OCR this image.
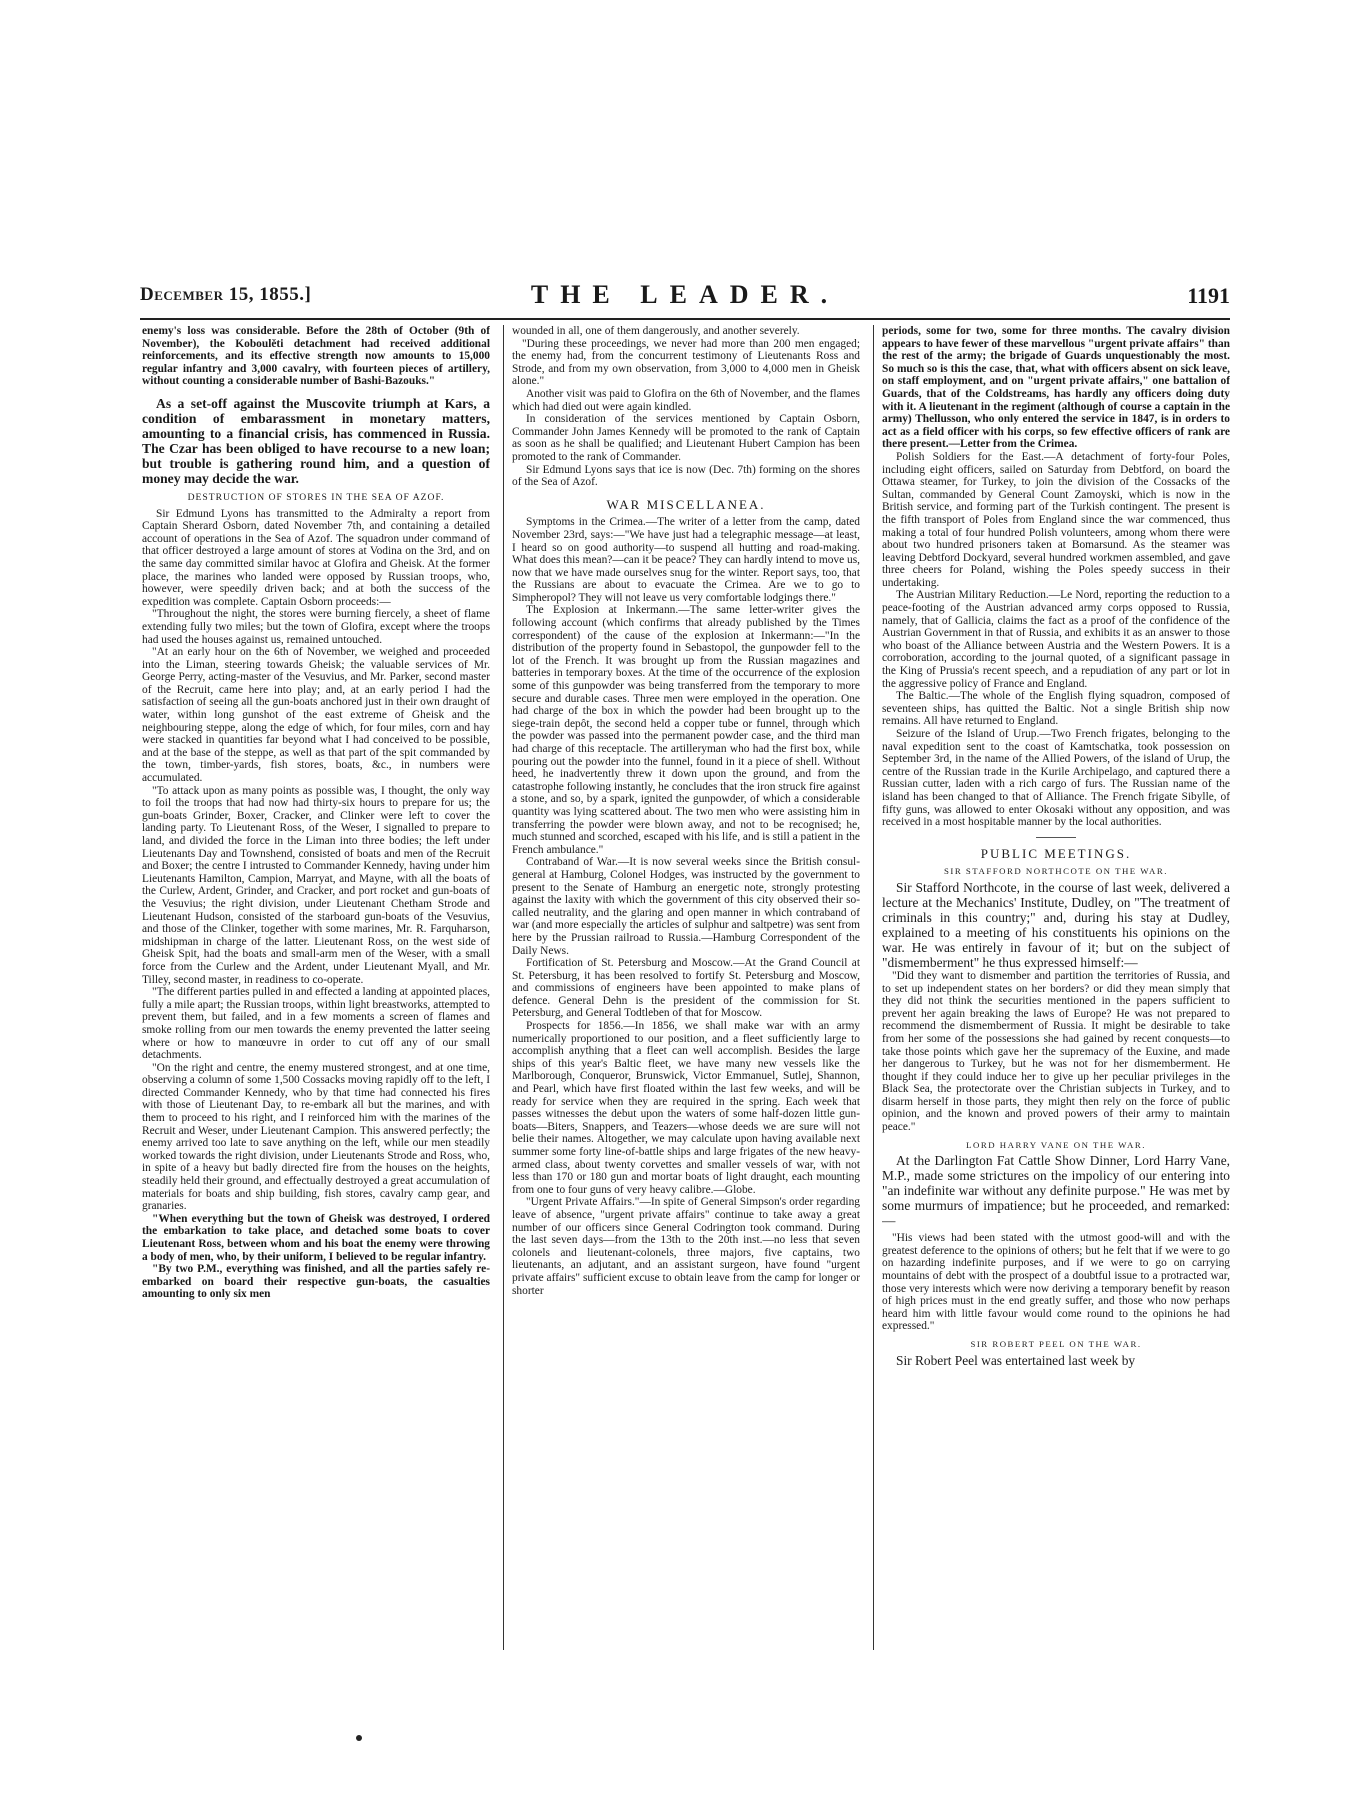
December 15, 1855.]	THE LEADER.	1191

enemy's loss was considerable. Before the 28th of October (9th of November), the Koboulěti detachment had received additional reinforcements, and its effective strength now amounts to 15,000 regular infantry and 3,000 cavalry, with fourteen pieces of artillery, without counting a considerable number of Bashi-Bazouks."

As a set-off against the Muscovite triumph at Kars, a condition of embarassment in monetary matters, amounting to a financial crisis, has commenced in Russia. The Czar has been obliged to have recourse to a new loan; but trouble is gathering round him, and a question of money may decide the war.

DESTRUCTION OF STORES IN THE SEA OF AZOF.

Sir Edmund Lyons has transmitted to the Admiralty a report from Captain Sherard Osborn, dated November 7th, and containing a detailed account of operations in the Sea of Azof. The squadron under command of that officer destroyed a large amount of stores at Vodina on the 3rd, and on the same day committed similar havoc at Glofira and Gheisk. At the former place, the marines who landed were opposed by Russian troops, who, however, were speedily driven back; and at both the success of the expedition was complete. Captain Osborn proceeds:—

"Throughout the night, the stores were burning fiercely, a sheet of flame extending fully two miles; but the town of Glofira, except where the troops had used the houses against us, remained untouched.

"At an early hour on the 6th of November, we weighed and proceeded into the Liman, steering towards Gheisk; the valuable services of Mr. George Perry, acting-master of the Vesuvius, and Mr. Parker, second master of the Recruit, came here into play; and, at an early period I had the satisfaction of seeing all the gun-boats anchored just in their own draught of water, within long gunshot of the east extreme of Gheisk and the neighbouring steppe, along the edge of which, for four miles, corn and hay were stacked in quantities far beyond what I had conceived to be possible, and at the base of the steppe, as well as that part of the spit commanded by the town, timber-yards, fish stores, boats, &c., in numbers were accumulated.

"To attack upon as many points as possible was, I thought, the only way to foil the troops that had now had thirty-six hours to prepare for us; the gun-boats Grinder, Boxer, Cracker, and Clinker were left to cover the landing party. To Lieutenant Ross, of the Weser, I signalled to prepare to land, and divided the force in the Liman into three bodies; the left under Lieutenants Day and Townshend, consisted of boats and men of the Recruit and Boxer; the centre I intrusted to Commander Kennedy, having under him Lieutenants Hamilton, Campion, Marryat, and Mayne, with all the boats of the Curlew, Ardent, Grinder, and Cracker, and port rocket and gun-boats of the Vesuvius; the right division, under Lieutenant Chetham Strode and Lieutenant Hudson, consisted of the starboard gun-boats of the Vesuvius, and those of the Clinker, together with some marines, Mr. R. Farquharson, midshipman in charge of the latter. Lieutenant Ross, on the west side of Gheisk Spit, had the boats and small-arm men of the Weser, with a small force from the Curlew and the Ardent, under Lieutenant Myall, and Mr. Tilley, second master, in readiness to co-operate.

"The different parties pulled in and effected a landing at appointed places, fully a mile apart; the Russian troops, within light breastworks, attempted to prevent them, but failed, and in a few moments a screen of flames and smoke rolling from our men towards the enemy prevented the latter seeing where or how to manœuvre in order to cut off any of our small detachments.

"On the right and centre, the enemy mustered strongest, and at one time, observing a column of some 1,500 Cossacks moving rapidly off to the left, I directed Commander Kennedy, who by that time had connected his fires with those of Lieutenant Day, to re-embark all but the marines, and with them to proceed to his right, and I reinforced him with the marines of the Recruit and Weser, under Lieutenant Campion. This answered perfectly; the enemy arrived too late to save anything on the left, while our men steadily worked towards the right division, under Lieutenants Strode and Ross, who, in spite of a heavy but badly directed fire from the houses on the heights, steadily held their ground, and effectually destroyed a great accumulation of materials for boats and ship building, fish stores, cavalry camp gear, and granaries.

"When everything but the town of Gheisk was destroyed, I ordered the embarkation to take place, and detached some boats to cover Lieutenant Ross, between whom and his boat the enemy were throwing a body of men, who, by their uniform, I believed to be regular infantry.

"By two P.M., everything was finished, and all the parties safely re-embarked on board their respective gun-boats, the casualties amounting to only six men

wounded in all, one of them dangerously, and another severely.

"During these proceedings, we never had more than 200 men engaged; the enemy had, from the concurrent testimony of Lieutenants Ross and Strode, and from my own observation, from 3,000 to 4,000 men in Gheisk alone."

Another visit was paid to Glofira on the 6th of November, and the flames which had died out were again kindled.

In consideration of the services mentioned by Captain Osborn, Commander John James Kennedy will be promoted to the rank of Captain as soon as he shall be qualified; and Lieutenant Hubert Campion has been promoted to the rank of Commander.

Sir Edmund Lyons says that ice is now (Dec. 7th) forming on the shores of the Sea of Azof.

WAR MISCELLANEA.

Symptoms in the Crimea.—The writer of a letter from the camp, dated November 23rd, says:—"We have just had a telegraphic message—at least, I heard so on good authority—to suspend all hutting and road-making. What does this mean?—can it be peace? They can hardly intend to move us, now that we have made ourselves snug for the winter. Report says, too, that the Russians are about to evacuate the Crimea. Are we to go to Simpheropol? They will not leave us very comfortable lodgings there."

The Explosion at Inkermann.—The same letter-writer gives the following account (which confirms that already published by the Times correspondent) of the cause of the explosion at Inkermann:—"In the distribution of the property found in Sebastopol, the gunpowder fell to the lot of the French. It was brought up from the Russian magazines and batteries in temporary boxes. At the time of the occurrence of the explosion some of this gunpowder was being transferred from the temporary to more secure and durable cases. Three men were employed in the operation. One had charge of the box in which the powder had been brought up to the siege-train depôt, the second held a copper tube or funnel, through which the powder was passed into the permanent powder case, and the third man had charge of this receptacle. The artilleryman who had the first box, while pouring out the powder into the funnel, found in it a piece of shell. Without heed, he inadvertently threw it down upon the ground, and from the catastrophe following instantly, he concludes that the iron struck fire against a stone, and so, by a spark, ignited the gunpowder, of which a considerable quantity was lying scattered about. The two men who were assisting him in transferring the powder were blown away, and not to be recognised; he, much stunned and scorched, escaped with his life, and is still a patient in the French ambulance."

Contraband of War.—It is now several weeks since the British consul-general at Hamburg, Colonel Hodges, was instructed by the government to present to the Senate of Hamburg an energetic note, strongly protesting against the laxity with which the government of this city observed their so-called neutrality, and the glaring and open manner in which contraband of war (and more especially the articles of sulphur and saltpetre) was sent from here by the Prussian railroad to Russia.—Hamburg Correspondent of the Daily News.

Fortification of St. Petersburg and Moscow.—At the Grand Council at St. Petersburg, it has been resolved to fortify St. Petersburg and Moscow, and commissions of engineers have been appointed to make plans of defence. General Dehn is the president of the commission for St. Petersburg, and General Todtleben of that for Moscow.

Prospects for 1856.—In 1856, we shall make war with an army numerically proportioned to our position, and a fleet sufficiently large to accomplish anything that a fleet can well accomplish. Besides the large ships of this year's Baltic fleet, we have many new vessels like the Marlborough, Conqueror, Brunswick, Victor Emmanuel, Sutlej, Shannon, and Pearl, which have first floated within the last few weeks, and will be ready for service when they are required in the spring. Each week that passes witnesses the debut upon the waters of some half-dozen little gun-boats—Biters, Snappers, and Teazers—whose deeds we are sure will not belie their names. Altogether, we may calculate upon having available next summer some forty line-of-battle ships and large frigates of the new heavy-armed class, about twenty corvettes and smaller vessels of war, with not less than 170 or 180 gun and mortar boats of light draught, each mounting from one to four guns of very heavy calibre.—Globe.

"Urgent Private Affairs."—In spite of General Simpson's order regarding leave of absence, "urgent private affairs" continue to take away a great number of our officers since General Codrington took command. During the last seven days—from the 13th to the 20th inst.—no less that seven colonels and lieutenant-colonels, three majors, five captains, two lieutenants, an adjutant, and an assistant surgeon, have found "urgent private affairs" sufficient excuse to obtain leave from the camp for longer or shorter

periods, some for two, some for three months. The cavalry division appears to have fewer of these marvellous "urgent private affairs" than the rest of the army; the brigade of Guards unquestionably the most. So much so is this the case, that, what with officers absent on sick leave, on staff employment, and on "urgent private affairs," one battalion of Guards, that of the Coldstreams, has hardly any officers doing duty with it. A lieutenant in the regiment (although of course a captain in the army) Thellusson, who only entered the service in 1847, is in orders to act as a field officer with his corps, so few effective officers of rank are there present.—Letter from the Crimea.

Polish Soldiers for the East.—A detachment of forty-four Poles, including eight officers, sailed on Saturday from Debtford, on board the Ottawa steamer, for Turkey, to join the division of the Cossacks of the Sultan, commanded by General Count Zamoyski, which is now in the British service, and forming part of the Turkish contingent. The present is the fifth transport of Poles from England since the war commenced, thus making a total of four hundred Polish volunteers, among whom there were about two hundred prisoners taken at Bomarsund. As the steamer was leaving Debtford Dockyard, several hundred workmen assembled, and gave three cheers for Poland, wishing the Poles speedy success in their undertaking.

The Austrian Military Reduction.—Le Nord, reporting the reduction to a peace-footing of the Austrian advanced army corps opposed to Russia, namely, that of Gallicia, claims the fact as a proof of the confidence of the Austrian Government in that of Russia, and exhibits it as an answer to those who boast of the Alliance between Austria and the Western Powers. It is a corroboration, according to the journal quoted, of a significant passage in the King of Prussia's recent speech, and a repudiation of any part or lot in the aggressive policy of France and England.

The Baltic.—The whole of the English flying squadron, composed of seventeen ships, has quitted the Baltic. Not a single British ship now remains. All have returned to England.

Seizure of the Island of Urup.—Two French frigates, belonging to the naval expedition sent to the coast of Kamtschatka, took possession on September 3rd, in the name of the Allied Powers, of the island of Urup, the centre of the Russian trade in the Kurile Archipelago, and captured there a Russian cutter, laden with a rich cargo of furs. The Russian name of the island has been changed to that of Alliance. The French frigate Sibylle, of fifty guns, was allowed to enter Okosaki without any opposition, and was received in a most hospitable manner by the local authorities.

PUBLIC MEETINGS.
SIR STAFFORD NORTHCOTE ON THE WAR.

Sir Stafford Northcote, in the course of last week, delivered a lecture at the Mechanics' Institute, Dudley, on "The treatment of criminals in this country;" and, during his stay at Dudley, explained to a meeting of his constituents his opinions on the war. He was entirely in favour of it; but on the subject of "dismemberment" he thus expressed himself:—

"Did they want to dismember and partition the territories of Russia, and to set up independent states on her borders? or did they mean simply that they did not think the securities mentioned in the papers sufficient to prevent her again breaking the laws of Europe? He was not prepared to recommend the dismemberment of Russia. It might be desirable to take from her some of the possessions she had gained by recent conquests—to take those points which gave her the supremacy of the Euxine, and made her dangerous to Turkey, but he was not for her dismemberment. He thought if they could induce her to give up her peculiar privileges in the Black Sea, the protectorate over the Christian subjects in Turkey, and to disarm herself in those parts, they might then rely on the force of public opinion, and the known and proved powers of their army to maintain peace."

LORD HARRY VANE ON THE WAR.

At the Darlington Fat Cattle Show Dinner, Lord Harry Vane, M.P., made some strictures on the impolicy of our entering into "an indefinite war without any definite purpose." He was met by some murmurs of impatience; but he proceeded, and remarked:—

"His views had been stated with the utmost good-will and with the greatest deference to the opinions of others; but he felt that if we were to go on hazarding indefinite purposes, and if we were to go on carrying mountains of debt with the prospect of a doubtful issue to a protracted war, those very interests which were now deriving a temporary benefit by reason of high prices must in the end greatly suffer, and those who now perhaps heard him with little favour would come round to the opinions he had expressed."

SIR ROBERT PEEL ON THE WAR.

Sir Robert Peel was entertained last week by
